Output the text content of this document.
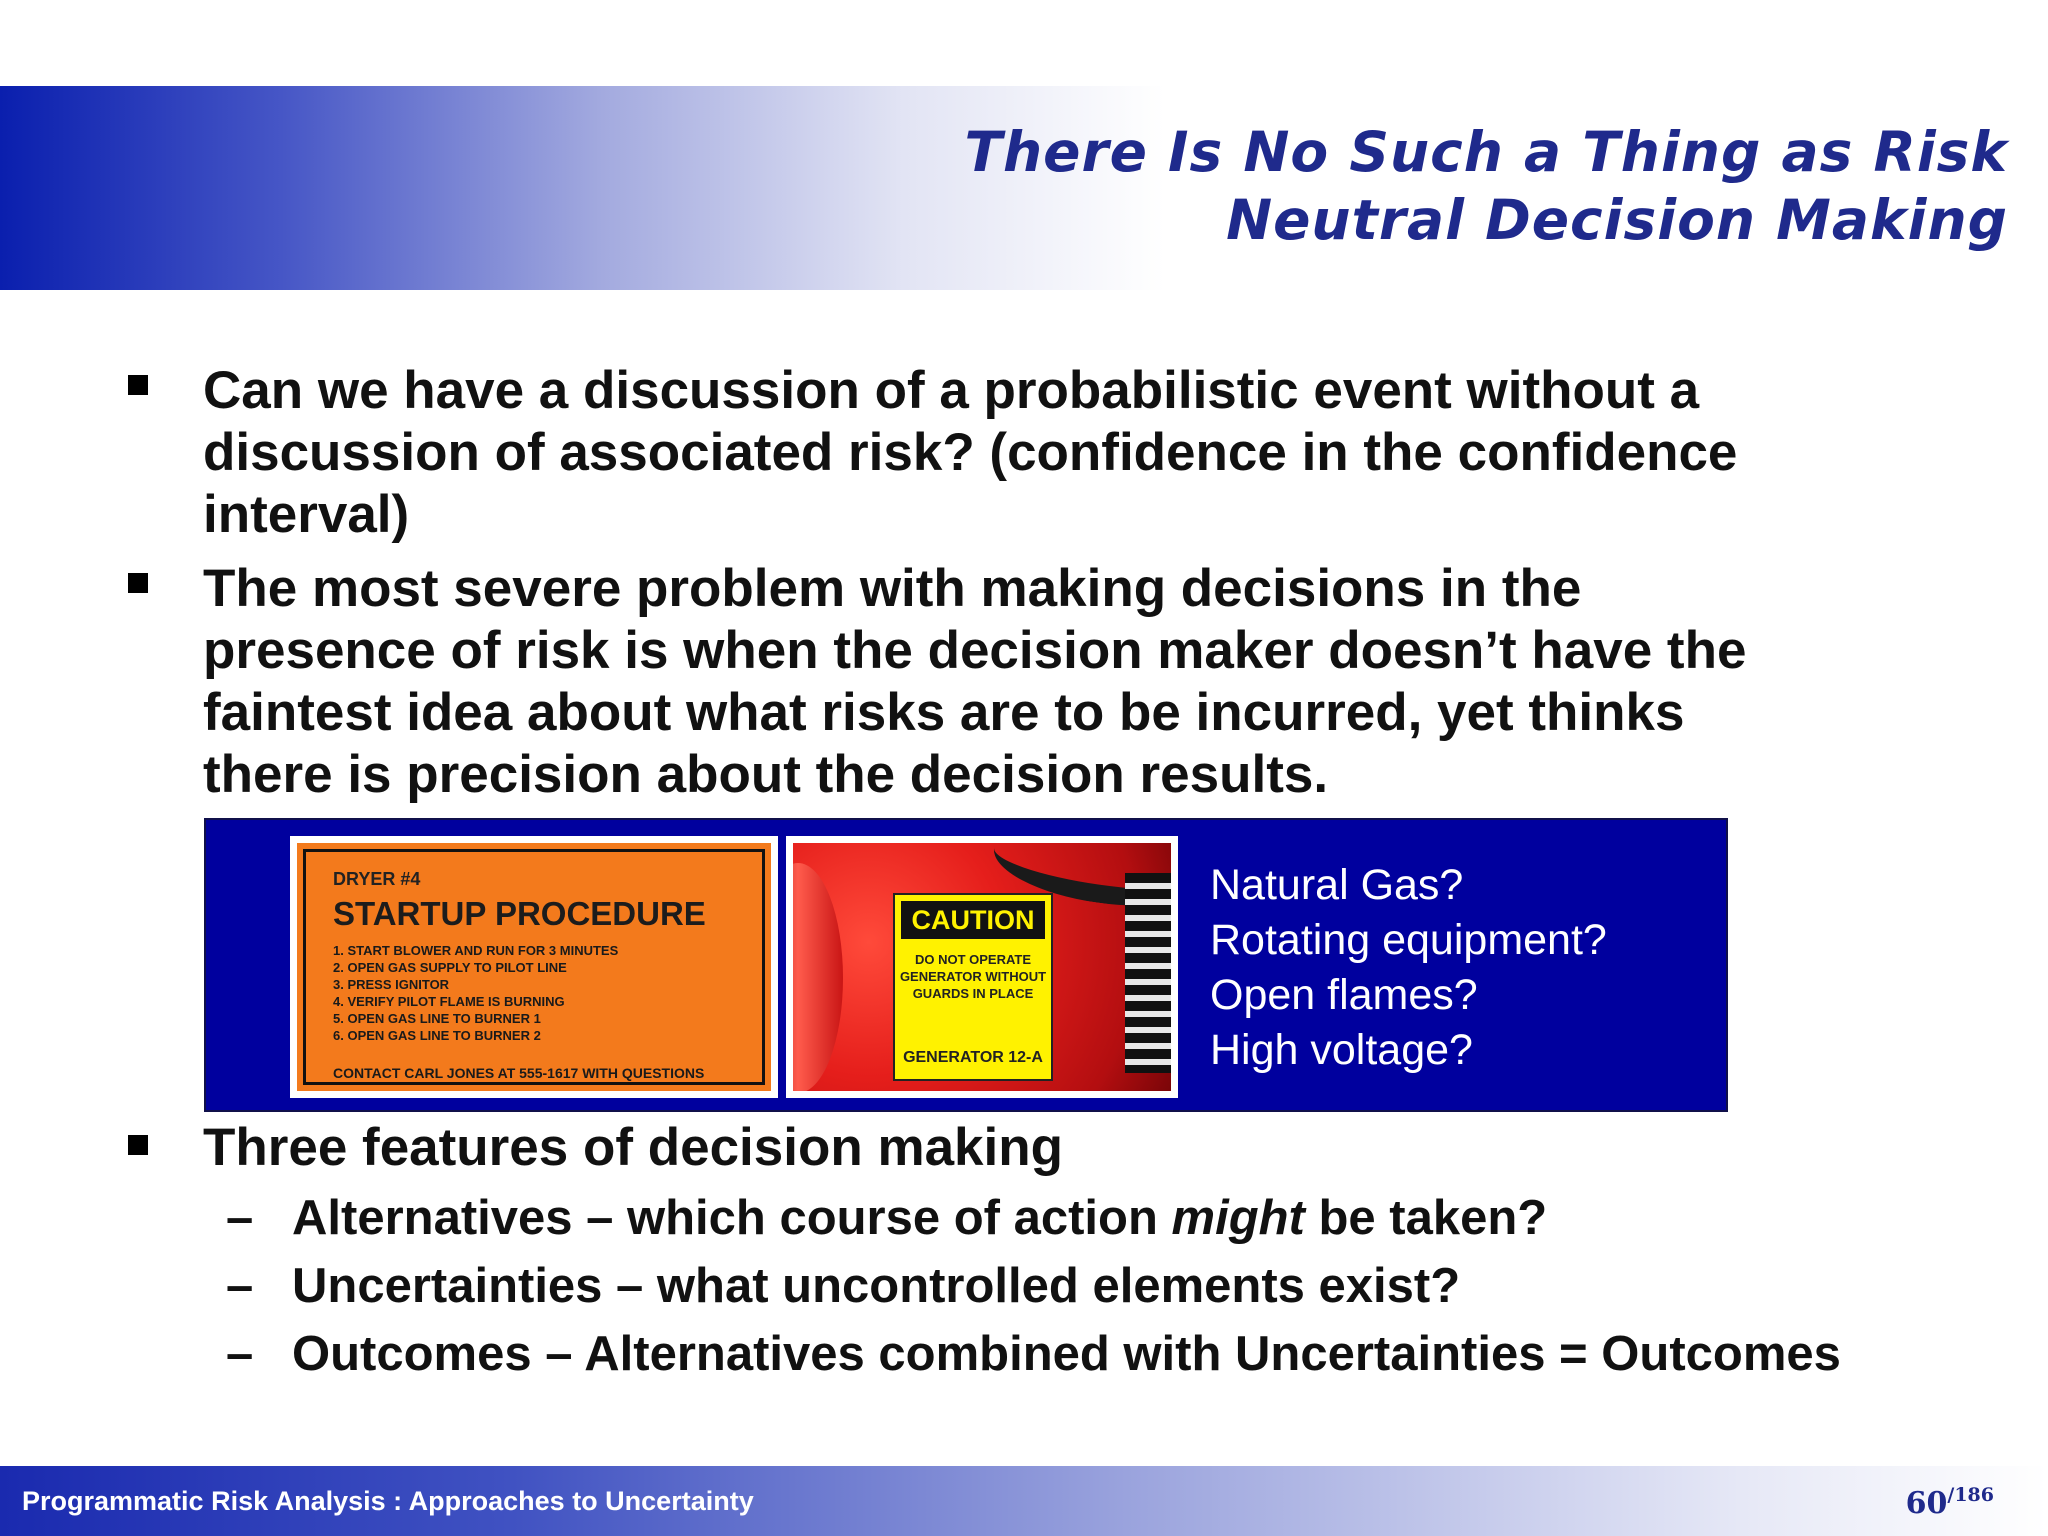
There Is No Such a Thing as Risk
Neutral Decision Making
Can we have a discussion of a probabilistic event without a
discussion of associated risk? (confidence in the confidence
interval)
The most severe problem with making decisions in the
presence of risk is when the decision maker doesn’t have the
faintest idea about what risks are to be incurred, yet thinks
there is precision about the decision results.
Three features of decision making
– Alternatives – which course of action might be taken?
– Uncertainties – what uncontrolled elements exist?
– Outcomes – Alternatives combined with Uncertainties = Outcomes
DRYER #4
STARTUP PROCEDURE
1. START BLOWER AND RUN FOR 3 MINUTES
2. OPEN GAS SUPPLY TO PILOT LINE
3. PRESS IGNITOR
4. VERIFY PILOT FLAME IS BURNING
5. OPEN GAS LINE TO BURNER 1
6. OPEN GAS LINE TO BURNER 2
CONTACT CARL JONES AT 555-1617 WITH QUESTIONS
CAUTION
DO NOT OPERATE
GENERATOR WITHOUT
GUARDS IN PLACE
GENERATOR 12-A
Natural Gas?
Rotating equipment?
Open flames?
High voltage?
Programmatic Risk Analysis : Approaches to Uncertainty	60/186
